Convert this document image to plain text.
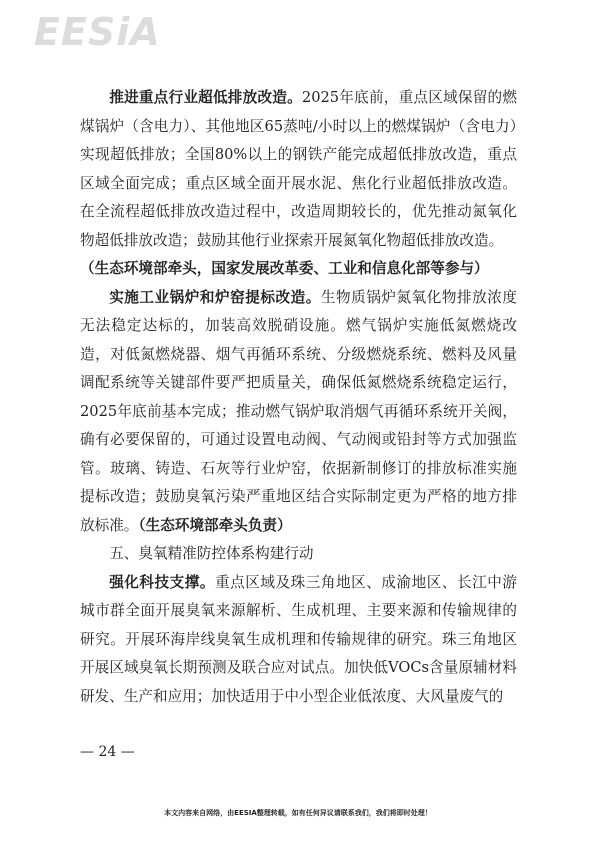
EESiA

推进重点行业超低排放改造。2025年底前，重点区域保留的燃煤锅炉（含电力）、其他地区65蒸吨/小时以上的燃煤锅炉（含电力）实现超低排放；全国80%以上的钢铁产能完成超低排放改造，重点区域全面完成；重点区域全面开展水泥、焦化行业超低排放改造。在全流程超低排放改造过程中，改造周期较长的，优先推动氮氧化物超低排放改造；鼓励其他行业探索开展氮氧化物超低排放改造。

（生态环境部牵头，国家发展改革委、工业和信息化部等参与）

实施工业锅炉和炉窑提标改造。生物质锅炉氮氧化物排放浓度无法稳定达标的，加装高效脱硝设施。燃气锅炉实施低氮燃烧改造，对低氮燃烧器、烟气再循环系统、分级燃烧系统、燃料及风量调配系统等关键部件要严把质量关，确保低氮燃烧系统稳定运行，2025年底前基本完成；推动燃气锅炉取消烟气再循环系统开关阀，确有必要保留的，可通过设置电动阀、气动阀或铅封等方式加强监管。玻璃、铸造、石灰等行业炉窑，依据新制修订的排放标准实施提标改造；鼓励臭氧污染严重地区结合实际制定更为严格的地方排放标准。（生态环境部牵头负责）

五、臭氧精准防控体系构建行动

强化科技支撑。重点区域及珠三角地区、成渝地区、长江中游城市群全面开展臭氧来源解析、生成机理、主要来源和传输规律的研究。开展环海岸线臭氧生成机理和传输规律的研究。珠三角地区开展区域臭氧长期预测及联合应对试点。加快低VOCs含量原辅材料研发、生产和应用；加快适用于中小型企业低浓度、大风量废气的

— 24 —
本文内容来自网络，由EESIA整理转载，如有任何异议请联系我们，我们将即时处理！
